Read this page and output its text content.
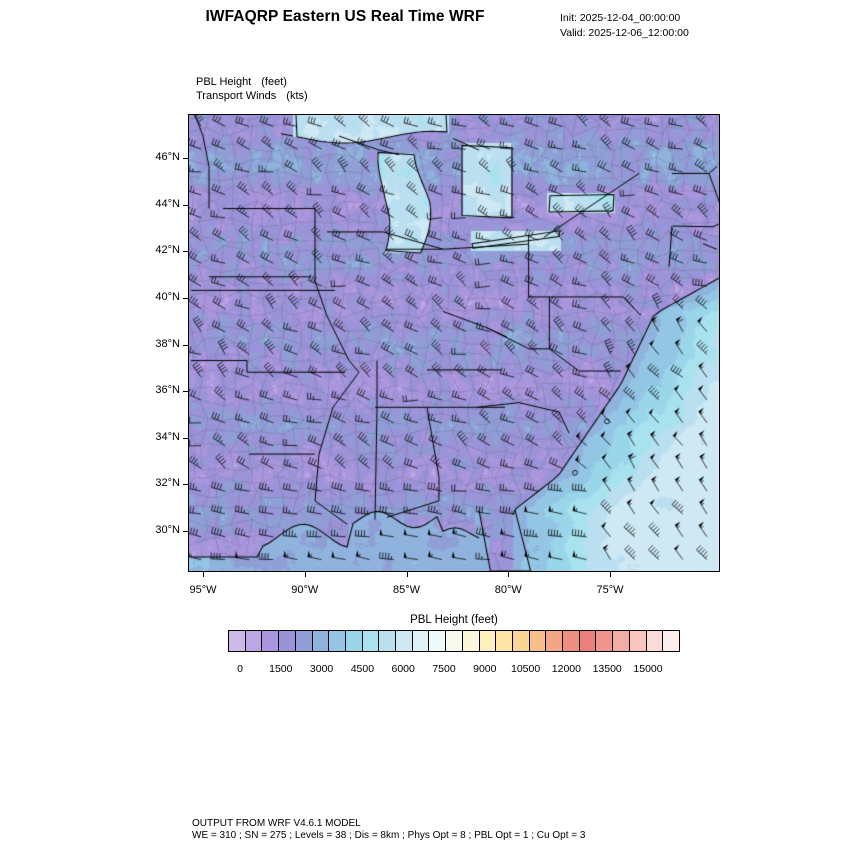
IWFAQRP Eastern US Real Time WRF	Init: 2025-12-04_00:00:00
Valid: 2025-12-06_12:00:00
PBL Height (feet)
Transport Winds (kts)
46°N
44°N
42°N
40°N
38°N
36°N
34°N
32°N
30°N
95°W	90°W	85°W	80°W	75°W
PBL Height (feet)
0	1500	3000	4500	6000	7500	9000	10500	12000	13500	15000
OUTPUT FROM WRF V4.6.1 MODEL
WE = 310 ; SN = 275 ; Levels = 38 ; Dis = 8km ; Phys Opt = 8 ; PBL Opt = 1 ; Cu Opt = 3
